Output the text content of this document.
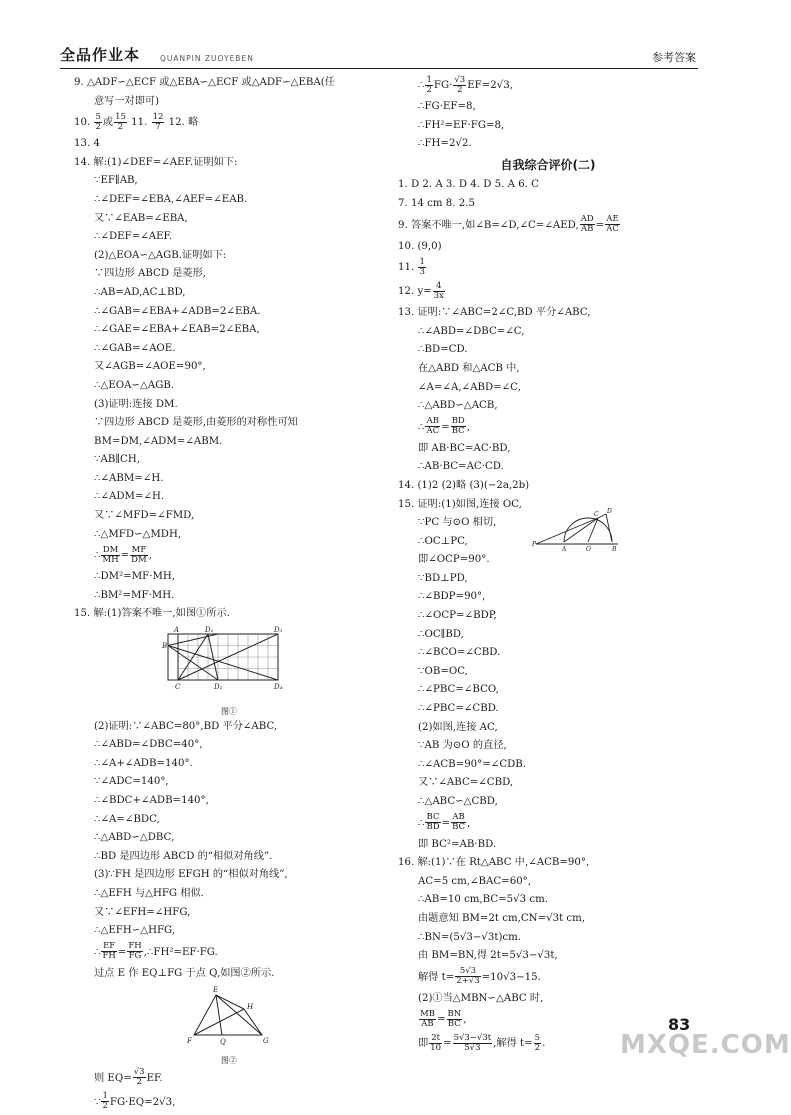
全品作业本	QUANPIN ZUOYEBEN	参考答案
9. △ADF∽△ECF 或△EBA∽△ECF 或△ADF∽△EBA(任
意写一对即可)
10. $\frac{5}{2}$ 或 $\frac{15}{2} 11$. $\frac{12}{7} 12$. 略
13. 4
14. 解:(1)∠DEF=∠AEF.证明如下:
∵EF∥AB,
∴∠DEF=∠EBA,∠AEF=∠EAB.
又∵∠EAB=∠EBA,
∴∠DEF=∠AEF.
(2)△EOA∽△AGB.证明如下:
∵四边形 ABCD 是菱形,
∴AB=AD,AC⊥BD,
∴∠GAB=∠EBA+∠ADB=2∠EBA.
∴∠GAE=∠EBA+∠EAB=2∠EBA,
∴∠GAB=∠AOE.
又∠AGB=∠AOE=90°,
∴△EOA∽△AGB.
(3)证明:连接 DM.
∵四边形 ABCD 是菱形,由菱形的对称性可知
BM=DM,∠ADM=∠ABM.
∵AB∥CH,
∴∠ABM=∠H.
∴∠ADM=∠H.
又∵∠MFD=∠FMD,
∴△MFD∽△MDH,
∴ $\frac{DM}{MH} = \frac{MF}{DM}$ ,
∴DM²=MF·MH,
∴BM²=MF·MH.
15. 解:(1)答案不唯一,如图①所示.
B
A	D₁	D₃
C	D₂	D₄
图①
(2)证明:∵∠ABC=80°,BD 平分∠ABC,
∴∠ABD=∠DBC=40°,
∴∠A+∠ADB=140°.
∵∠ADC=140°,
∴∠BDC+∠ADB=140°,
∴∠A=∠BDC,
∴△ABD∽△DBC,
∴BD 是四边形 ABCD 的“相似对角线”.
(3)∵FH 是四边形 EFGH 的“相似对角线”,
∴△EFH 与△HFG 相似.
又∵∠EFH=∠HFG,
∴△EFH∽△HFG,
∴ $\frac{EF}{FH} = \frac{FH}{FG}$ ,∴FH²=EF·FG.
过点 E 作 EQ⊥FG 于点 Q,如图②所示.
E
H
F	Q	G
图②
则 $EQ= \frac{√3}{2}$ EF.
∵ $\frac{1}{2} FG\cdot EQ=2√3$,
∴ $\frac{1}{2} FG\cdot \frac{√3}{2} EF=2√3$,
∴FG·EF=8,
∴FH²=EF·FG=8,
∴FH=2√2.
自我综合评价(二)
1. D 2. A 3. D 4. D 5. A 6. C
7. 14 cm 8. 2.5
9. 答案不唯一,如∠B=∠D,∠C=∠AED, $\frac{AD}{AB} = \frac{AE}{AC}$
10. (9,0)
11. $\frac{1}{3}$
12. $y= \frac{4}{3x}$
13. 证明:∵∠ABC=2∠C,BD 平分∠ABC,
∴∠ABD=∠DBC=∠C,
∴BD=CD.
在△ABD 和△ACB 中,
∠A=∠A,∠ABD=∠C,
∴△ABD∽△ACB,
∴ $\frac{AB}{AC} = \frac{BD}{BC}$ ,
即 AB·BC=AC·BD,
∴AB·BC=AC·CD.
14. (1)2 (2)略 (3)(−2a,2b)
15. 证明:(1)如图,连接 OC,
P
A	O	B
C D
∵PC 与⊙O 相切,
∴OC⊥PC,
即∠OCP=90°.
∵BD⊥PD,
∴∠BDP=90°,
∴∠OCP=∠BDP,
∴OC∥BD,
∴∠BCO=∠CBD.
∵OB=OC,
∴∠PBC=∠BCO,
∴∠PBC=∠CBD.
(2)如图,连接 AC,
∵AB 为⊙O 的直径,
∴∠ACB=90°=∠CDB.
又∵∠ABC=∠CBD,
∴△ABC∽△CBD,
∴ $\frac{BC}{BD} = \frac{AB}{BC}$ ,
即 BC²=AB·BD.
16. 解:(1)∵在 Rt△ABC 中,∠ACB=90°,
AC=5 cm,∠BAC=60°,
∴AB=10 cm,BC=5√3 cm.
由题意知 BM=2t cm,CN=√3t cm,
∴BN=(5√3−√3t)cm.
由 BM=BN,得 2t=5√3−√3t,
解得 $t= \frac{5√3}{2+√3} =10√3-15$.
(2)①当△MBN∽△ABC 时,
$\frac{MB}{AB} = \frac{BN}{BC}$ ,
即 $\frac{2t}{10} = \frac{5√3-√3t}{5√3}$ ,解得 $t= \frac{5}{2}$ .
83
MXQE.COM
